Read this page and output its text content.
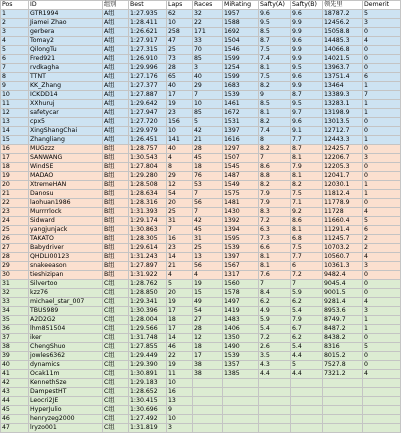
Pos	ID	组别	Best	Laps	Races	MiRating	Safty(A)	Safty(B)	领先里	Demerit
1	GTR1994	A组	1:27.935	62	32	1957	9.6	9.6	18787.2	5
2	Jiamei Zhao	A组	1:28.411	10	22	1588	9.5	9.9	12456.2	3
3	gerbera	A组	1:26.621	258	171	1692	8.5	9.9	15058.8	0
4	Tomay2	A组	1:27.917	47	33	1504	8.7	9.6	14485.3	4
5	QilongTu	A组	1:27.315	25	70	1546	7.5	9.9	14066.8	0
6	Fred921	A组	1:26.910	73	85	1599	7.4	9.9	14021.5	0
7	rvdkagha	A组	1:29.996	28	3	1254	8.1	9.5	13963.7	0
8	TTNT	A组	1:27.176	65	40	1599	7.5	9.6	13751.4	6
9	KK_Zhang	A组	1:27.377	40	29	1683	8.2	9.9	13464	1
10	ICKDD14	A组	1:27.887	17	7	1539	9	8.7	13389.3	7
11	XXhuruj	A组	1:29.642	19	10	1461	8.5	9.5	13283.1	1
12	safetycar	A组	1:27.947	23	85	1672	8.1	9.7	13198.9	1
13	cpx5	A组	1:27.720	156	5	1531	8.2	9.6	13013.5	0
14	XingShangChai	A组	1:29.979	10	42	1397	7.4	9.1	12712.7	0
15	Zhangliang	A组	1:26.451	141	21	1616	8	7.7	12443.3	1
16	MUGzzz	B组	1:28.757	40	28	1297	8.2	8.7	12425.7	0
17	SANWANG	B组	1:30.543	4	45	1507	7	8.1	12206.7	3
18	WindSE	B组	1:27.804	8	18	1545	8.6	7.9	12205.3	0
19	MADAO	B组	1:29.280	29	76	1487	8.8	8.1	12041.7	0
20	XtremeHAN	B组	1:28.508	12	53	1549	8.2	8.2	12030.1	1
21	Danosu	B组	1:28.634	54	7	1575	7.9	7.5	11812.4	1
22	laohuan1986	B组	1:28.316	20	56	1481	7.9	7.1	11778.9	0
23	Murrrrlock	B组	1:31.393	25	7	1430	8.3	9.2	11728	4
24	Sidward	B组	1:29.174	31	42	1392	7.2	8.6	11660.4	5
25	yangjunjack	B组	1:30.863	7	45	1394	6.3	8.1	11291.4	6
26	TAKATO	B组	1:28.305	16	31	1595	7.3	6.8	11245.7	2
27	Babydriver	B组	1:29.614	23	25	1539	6.6	7.5	10703.2	2
28	QHDLI00123	B组	1:31.243	14	13	1397	8.1	7.7	10560.7	4
29	snakeeason	B组	1:27.897	21	56	1567	8.1	6	10361.3	3
30	tieshizipan	B组	1:31.922	4	4	1317	7.6	7.2	9482.4	0
31	Silvertoo	C组	1:28.762	5	19	1560	7	7	9045.4	0
32	kzz76	C组	1:28.850	20	15	1578	8.4	5.9	9001.5	0
33	michael_star_007	C组	1:29.341	19	49	1497	6.2	6.2	9281.4	4
34	TBUS989	C组	1:30.396	17	54	1419	4.9	5.4	8953.6	3
35	A2D2G2	C组	1:28.004	18	27	1483	5.9	7.9	8749.7	1
36	lhm851504	C组	1:29.566	17	28	1406	5.4	6.7	8487.2	1
37	iker	C组	1:31.748	14	12	1350	7.2	6.2	8438.2	0
38	ChengShuo	C组	1:27.855	46	18	1490	2.6	5.4	8316	5
39	jowles6362	C组	1:29.449	22	17	1539	3.5	4.4	8015.2	0
40	dynamics	C组	1:29.390	19	38	1357	4.3	5	7527.8	0
41	Ocak11m	C组	1:30.891	11	38	1385	4.4	4.4	7321.2	4
42	KennethSze	C组	1:29.183	10						
43	DampestHT	C组	1:28.652	16						
44	Leocri2JE	C组	1:30.415	13						
45	HyperJulio	C组	1:30.696	9						
46	henryzeg2000	C组	1:27.492	10						
47	lryzo001	C组	1:31.819	3						
